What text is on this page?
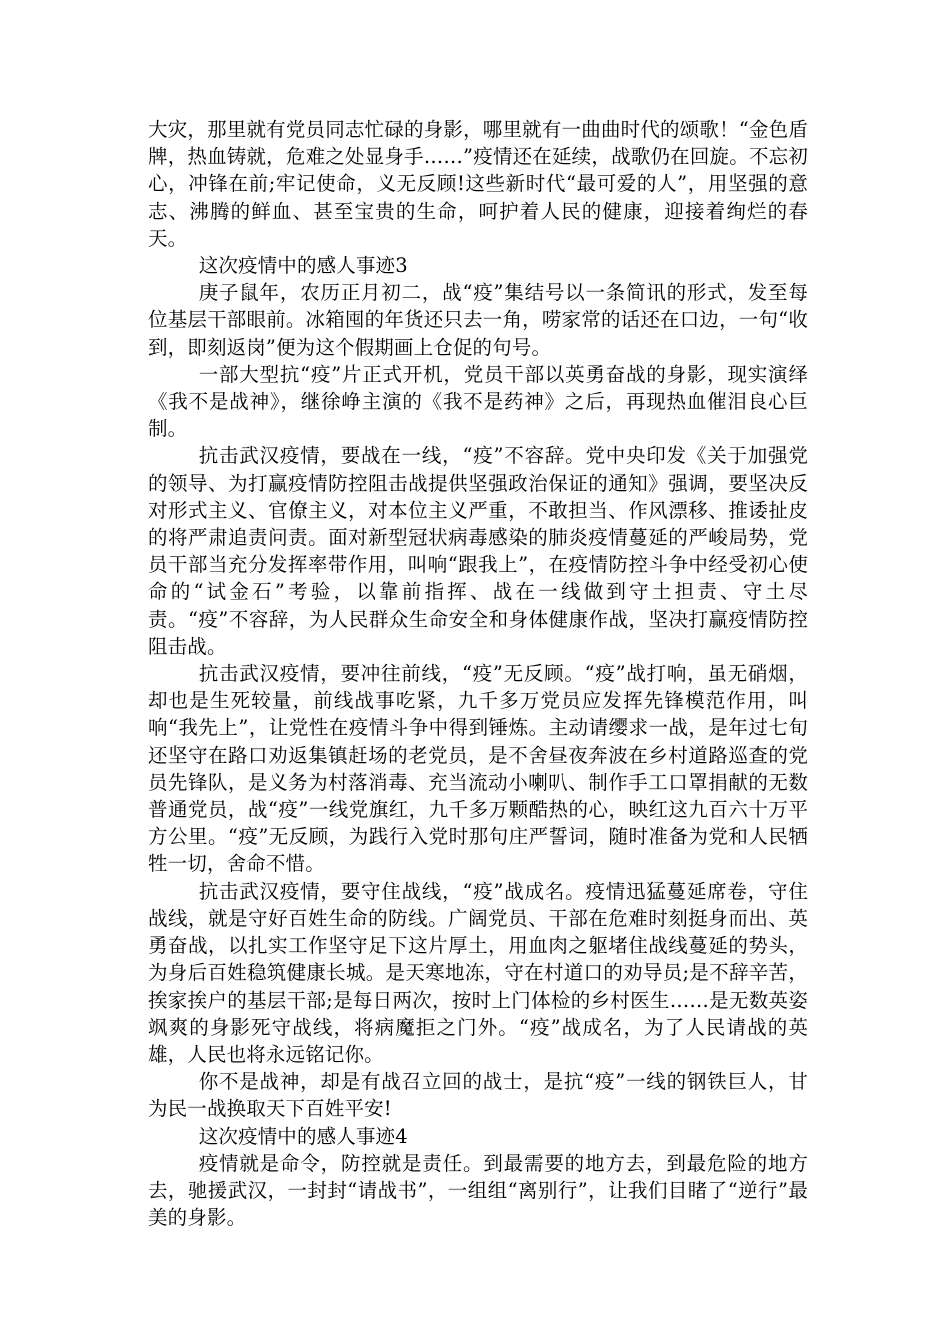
大灾，那里就有党员同志忙碌的身影，哪里就有一曲曲时代的颂歌！“金色盾牌，热血铸就，危难之处显身手……”疫情还在延续，战歌仍在回旋。不忘初心，冲锋在前;牢记使命，义无反顾!这些新时代“最可爱的人”，用坚强的意志、沸腾的鲜血、甚至宝贵的生命，呵护着人民的健康，迎接着绚烂的春天。

这次疫情中的感人事迹3

庚子鼠年，农历正月初二，战“疫”集结号以一条简讯的形式，发至每位基层干部眼前。冰箱囤的年货还只去一角，唠家常的话还在口边，一句“收到，即刻返岗”便为这个假期画上仓促的句号。

一部大型抗“疫”片正式开机，党员干部以英勇奋战的身影，现实演绎《我不是战神》，继徐峥主演的《我不是药神》之后，再现热血催泪良心巨制。

抗击武汉疫情，要战在一线，“疫”不容辞。党中央印发《关于加强党的领导、为打赢疫情防控阻击战提供坚强政治保证的通知》强调，要坚决反对形式主义、官僚主义，对本位主义严重，不敢担当、作风漂移、推诿扯皮的将严肃追责问责。面对新型冠状病毒感染的肺炎疫情蔓延的严峻局势，党员干部当充分发挥率带作用，叫响“跟我上”，在疫情防控斗争中经受初心使命的“试金石”考验，以靠前指挥、战在一线做到守土担责、守土尽责。“疫”不容辞，为人民群众生命安全和身体健康作战，坚决打赢疫情防控阻击战。

抗击武汉疫情，要冲往前线，“疫”无反顾。“疫”战打响，虽无硝烟，却也是生死较量，前线战事吃紧，九千多万党员应发挥先锋模范作用，叫响“我先上”，让党性在疫情斗争中得到锤炼。主动请缨求一战，是年过七旬还坚守在路口劝返集镇赶场的老党员，是不舍昼夜奔波在乡村道路巡查的党员先锋队，是义务为村落消毒、充当流动小喇叭、制作手工口罩捐献的无数普通党员，战“疫”一线党旗红，九千多万颗酷热的心，映红这九百六十万平方公里。“疫”无反顾，为践行入党时那句庄严誓词，随时准备为党和人民牺牲一切，舍命不惜。

抗击武汉疫情，要守住战线，“疫”战成名。疫情迅猛蔓延席卷，守住战线，就是守好百姓生命的防线。广阔党员、干部在危难时刻挺身而出、英勇奋战，以扎实工作坚守足下这片厚土，用血肉之躯堵住战线蔓延的势头，为身后百姓稳筑健康长城。是天寒地冻，守在村道口的劝导员;是不辞辛苦，挨家挨户的基层干部;是每日两次，按时上门体检的乡村医生……是无数英姿飒爽的身影死守战线，将病魔拒之门外。“疫”战成名，为了人民请战的英雄，人民也将永远铭记你。

你不是战神，却是有战召立回的战士，是抗“疫”一线的钢铁巨人，甘为民一战换取天下百姓平安!

这次疫情中的感人事迹4

疫情就是命令，防控就是责任。到最需要的地方去，到最危险的地方去，驰援武汉，一封封“请战书”，一组组“离别行”，让我们目睹了“逆行”最美的身影。
